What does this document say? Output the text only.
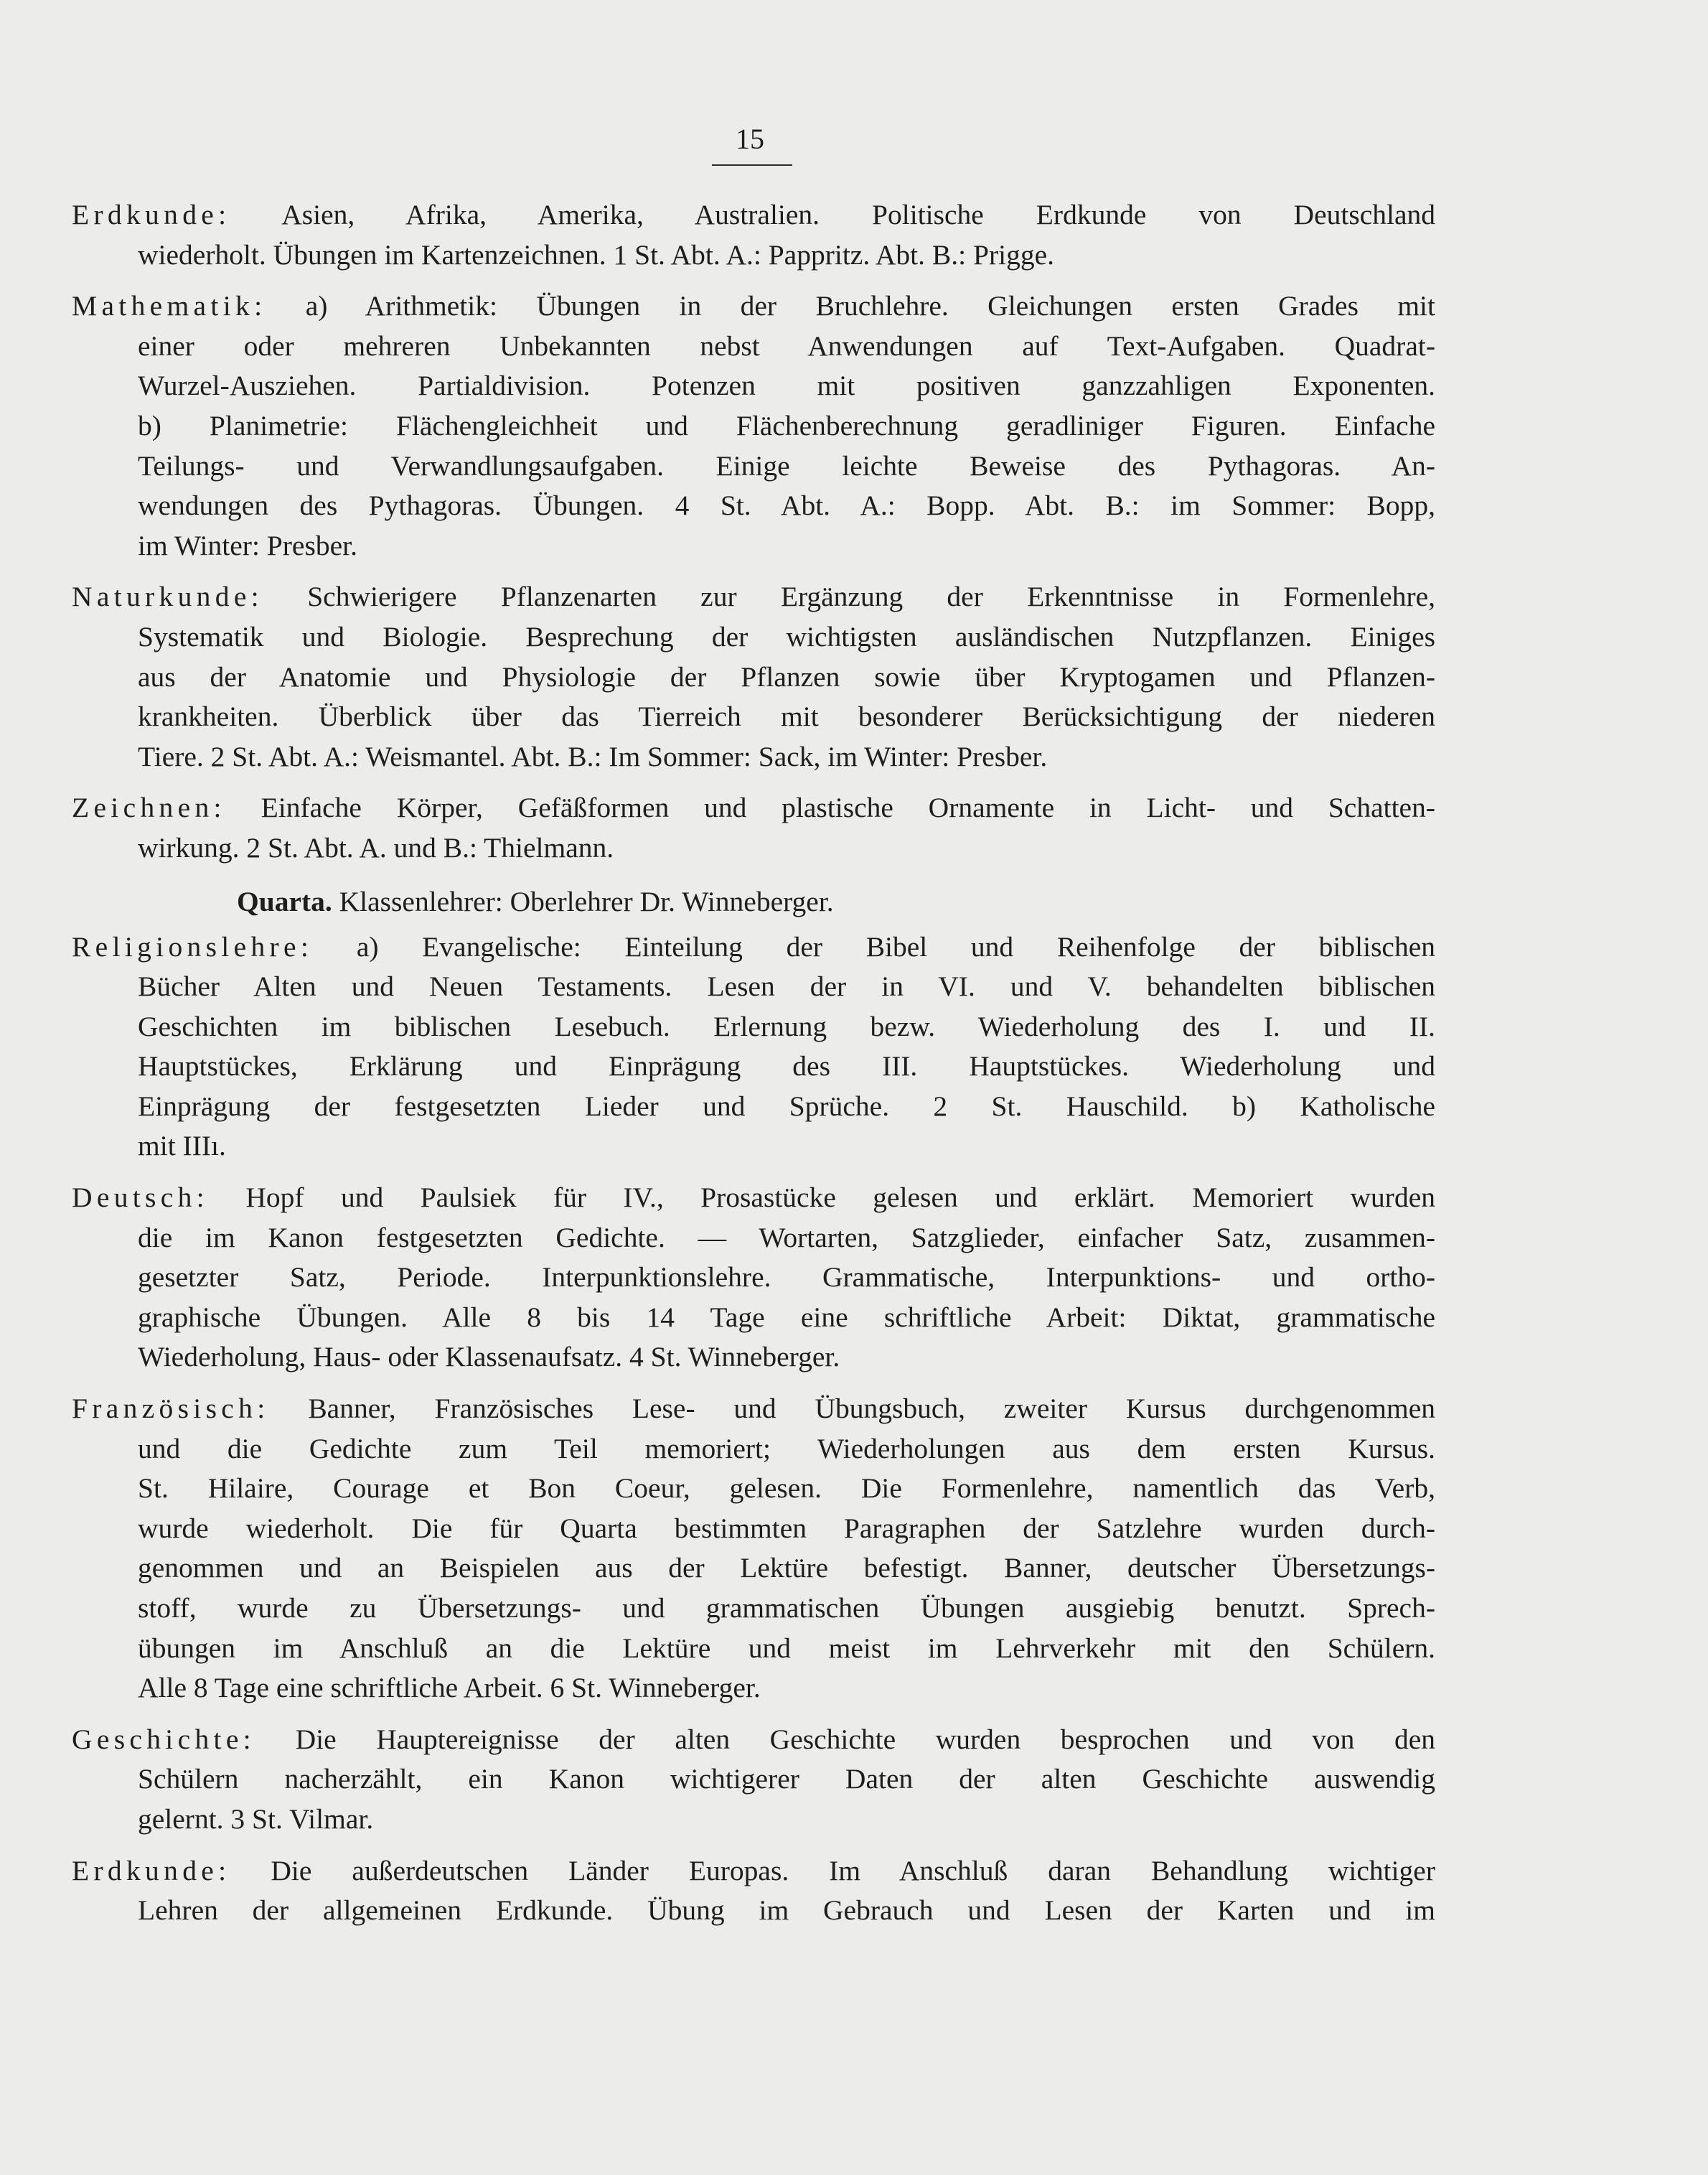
15
Erdkunde: Asien, Afrika, Amerika, Australien. Politische Erdkunde von Deutschland
wiederholt. Übungen im Kartenzeichnen. 1 St. Abt. A.: Pappritz. Abt. B.: Prigge.
Mathematik: a) Arithmetik: Übungen in der Bruchlehre. Gleichungen ersten Grades mit
einer oder mehreren Unbekannten nebst Anwendungen auf Text-Aufgaben. Quadrat-
Wurzel-Ausziehen. Partialdivision. Potenzen mit positiven ganzzahligen Exponenten.
b) Planimetrie: Flächengleichheit und Flächenberechnung geradliniger Figuren. Einfache
Teilungs- und Verwandlungsaufgaben. Einige leichte Beweise des Pythagoras. An-
wendungen des Pythagoras. Übungen. 4 St. Abt. A.: Bopp. Abt. B.: im Sommer: Bopp,
im Winter: Presber.
Naturkunde: Schwierigere Pflanzenarten zur Ergänzung der Erkenntnisse in Formenlehre,
Systematik und Biologie. Besprechung der wichtigsten ausländischen Nutzpflanzen. Einiges
aus der Anatomie und Physiologie der Pflanzen sowie über Kryptogamen und Pflanzen-
krankheiten. Überblick über das Tierreich mit besonderer Berücksichtigung der niederen
Tiere. 2 St. Abt. A.: Weismantel. Abt. B.: Im Sommer: Sack, im Winter: Presber.
Zeichnen: Einfache Körper, Gefäßformen und plastische Ornamente in Licht- und Schatten-
wirkung. 2 St. Abt. A. und B.: Thielmann.
Quarta. Klassenlehrer: Oberlehrer Dr. Winneberger.
Religionslehre: a) Evangelische: Einteilung der Bibel und Reihenfolge der biblischen
Bücher Alten und Neuen Testaments. Lesen der in VI. und V. behandelten biblischen
Geschichten im biblischen Lesebuch. Erlernung bezw. Wiederholung des I. und II.
Hauptstückes, Erklärung und Einprägung des III. Hauptstückes. Wiederholung und
Einprägung der festgesetzten Lieder und Sprüche. 2 St. Hauschild. b) Katholische
mit IIIı.
Deutsch: Hopf und Paulsiek für IV., Prosastücke gelesen und erklärt. Memoriert wurden
die im Kanon festgesetzten Gedichte. — Wortarten, Satzglieder, einfacher Satz, zusammen-
gesetzter Satz, Periode. Interpunktionslehre. Grammatische, Interpunktions- und ortho-
graphische Übungen. Alle 8 bis 14 Tage eine schriftliche Arbeit: Diktat, grammatische
Wiederholung, Haus- oder Klassenaufsatz. 4 St. Winneberger.
Französisch: Banner, Französisches Lese- und Übungsbuch, zweiter Kursus durchgenommen
und die Gedichte zum Teil memoriert; Wiederholungen aus dem ersten Kursus.
St. Hilaire, Courage et Bon Coeur, gelesen. Die Formenlehre, namentlich das Verb,
wurde wiederholt. Die für Quarta bestimmten Paragraphen der Satzlehre wurden durch-
genommen und an Beispielen aus der Lektüre befestigt. Banner, deutscher Übersetzungs-
stoff, wurde zu Übersetzungs- und grammatischen Übungen ausgiebig benutzt. Sprech-
übungen im Anschluß an die Lektüre und meist im Lehrverkehr mit den Schülern.
Alle 8 Tage eine schriftliche Arbeit. 6 St. Winneberger.
Geschichte: Die Hauptereignisse der alten Geschichte wurden besprochen und von den
Schülern nacherzählt, ein Kanon wichtigerer Daten der alten Geschichte auswendig
gelernt. 3 St. Vilmar.
Erdkunde: Die außerdeutschen Länder Europas. Im Anschluß daran Behandlung wichtiger
Lehren der allgemeinen Erdkunde. Übung im Gebrauch und Lesen der Karten und im
